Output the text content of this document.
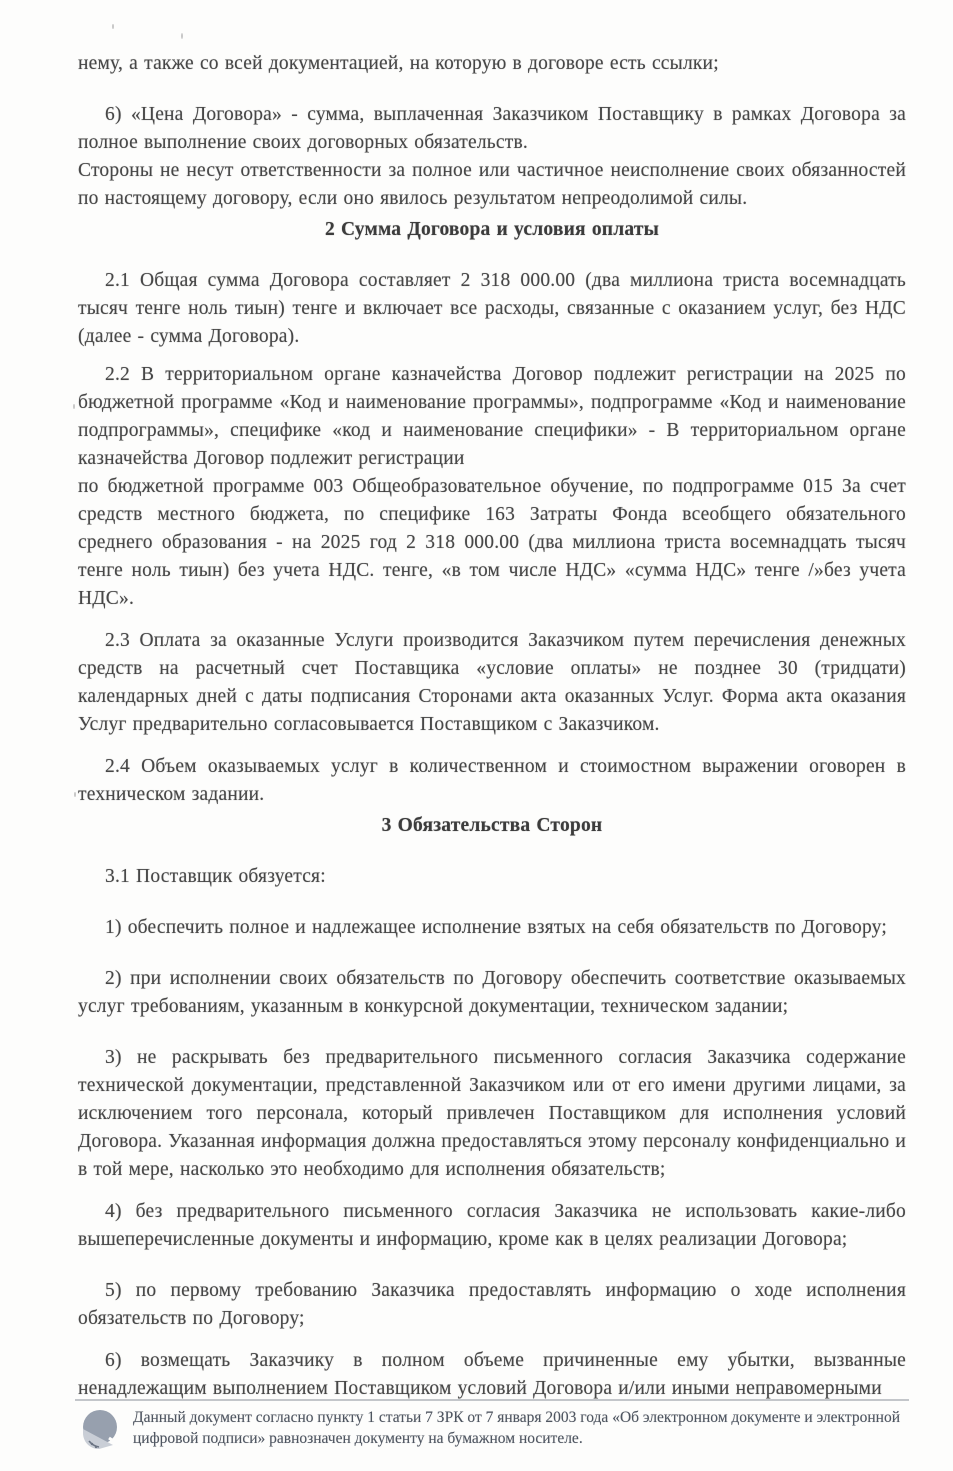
нему, а также со всей документацией, на которую в договоре есть ссылки;

6) «Цена Договора» - сумма, выплаченная Заказчиком Поставщику в рамках Договора за полное выполнение своих договорных обязательств.

Стороны не несут ответственности за полное или частичное неисполнение своих обязанностей по настоящему договору, если оно явилось результатом непреодолимой силы.

2 Сумма Договора и условия оплаты

2.1 Общая сумма Договора составляет 2 318 000.00 (два миллиона триста восемнадцать тысяч тенге ноль тиын) тенге и включает все расходы, связанные с оказанием услуг, без НДС (далее - сумма Договора).

2.2 В территориальном органе казначейства Договор подлежит регистрации на 2025 по бюджетной программе «Код и наименование программы», подпрограмме «Код и наименование подпрограммы», специфике «код и наименование специфики» - В территориальном органе казначейства Договор подлежит регистрации

по бюджетной программе 003 Общеобразовательное обучение, по подпрограмме 015 За счет средств местного бюджета, по специфике 163 Затраты Фонда всеобщего обязательного среднего образования - на 2025 год 2 318 000.00 (два миллиона триста восемнадцать тысяч тенге ноль тиын) без учета НДС. тенге, «в том числе НДС» «сумма НДС» тенге /»без учета НДС».

2.3 Оплата за оказанные Услуги производится Заказчиком путем перечисления денежных средств на расчетный счет Поставщика «условие оплаты» не позднее 30 (тридцати) календарных дней с даты подписания Сторонами акта оказанных Услуг. Форма акта оказания Услуг предварительно согласовывается Поставщиком с Заказчиком.

2.4 Объем оказываемых услуг в количественном и стоимостном выражении оговорен в техническом задании.

3 Обязательства Сторон

3.1 Поставщик обязуется:

1) обеспечить полное и надлежащее исполнение взятых на себя обязательств по Договору;

2) при исполнении своих обязательств по Договору обеспечить соответствие оказываемых услуг требованиям, указанным в конкурсной документации, техническом задании;

3) не раскрывать без предварительного письменного согласия Заказчика содержание технической документации, представленной Заказчиком или от его имени другими лицами, за исключением того персонала, который привлечен Поставщиком для исполнения условий Договора. Указанная информация должна предоставляться этому персоналу конфиденциально и в той мере, насколько это необходимо для исполнения обязательств;

4) без предварительного письменного согласия Заказчика не использовать какие-либо вышеперечисленные документы и информацию, кроме как в целях реализации Договора;

5) по первому требованию Заказчика предоставлять информацию о ходе исполнения обязательств по Договору;

6) возмещать Заказчику в полном объеме причиненные ему убытки, вызванные ненадлежащим выполнением Поставщиком условий Договора и/или иными неправомерными

Данный документ согласно пункту 1 статьи 7 ЗРК от 7 января 2003 года «Об электронном документе и электронной цифровой подписи» равнозначен документу на бумажном носителе.
